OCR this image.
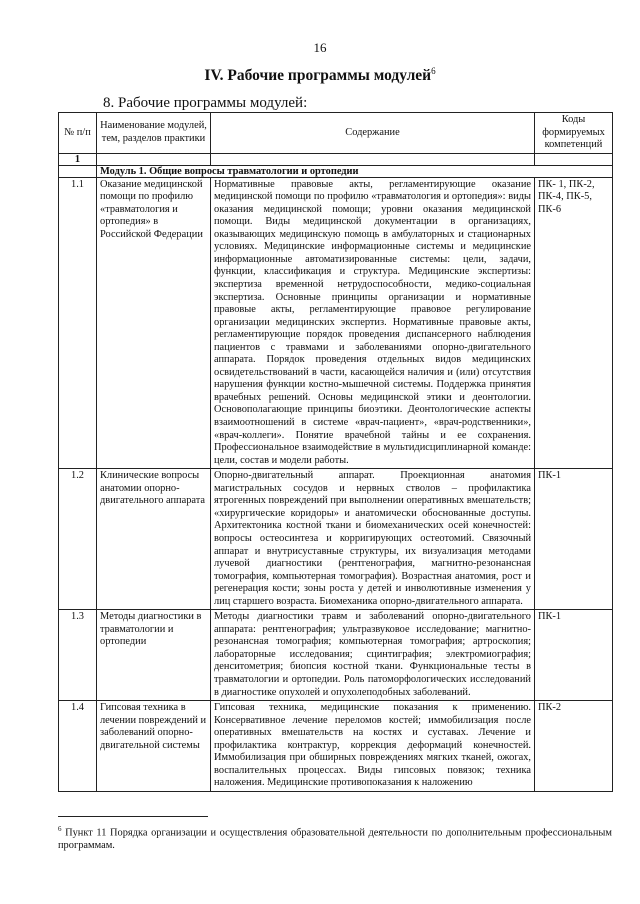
16
IV. Рабочие программы модулей$^6$
8. Рабочие программы модулей:
№ п/п	Наименование модулей, тем, разделов практики	Содержание	Коды формируемых компетенций
1			
	Модуль 1. Общие вопросы травматологии и ортопедии		
1.1	Оказание медицинской помощи по профилю «травматология и ортопедия» в Российской Федерации	Нормативные правовые акты, регламентирующие оказание медицинской помощи по профилю «травматология и ортопедия»: виды оказания медицинской помощи; уровни оказания медицинской помощи. Виды медицинской документации в организациях, оказывающих медицинскую помощь в амбулаторных и стационарных условиях. Медицинские информационные системы и медицинские информационные автоматизированные системы: цели, задачи, функции, классификация и структура. Медицинские экспертизы: экспертиза временной нетрудоспособности, медико-социальная экспертиза. Основные принципы организации и нормативные правовые акты, регламентирующие правовое регулирование организации медицинских экспертиз. Нормативные правовые акты, регламентирующие порядок проведения диспансерного наблюдения пациентов с травмами и заболеваниями опорно-двигательного аппарата. Порядок проведения отдельных видов медицинских освидетельствований в части, касающейся наличия и (или) отсутствия нарушения функции костно-мышечной системы. Поддержка принятия врачебных решений. Основы медицинской этики и деонтологии. Основополагающие принципы биоэтики. Деонтологические аспекты взаимоотношений в системе «врач-пациент», «врач-родственники», «врач-коллеги». Понятие врачебной тайны и ее сохранения. Профессиональное взаимодействие в мультидисциплинарной команде: цели, состав и модели работы.	ПК- 1, ПК-2, ПК-4, ПК-5, ПК-6
1.2	Клинические вопросы анатомии опорно-двигательного аппарата	Опорно-двигательный аппарат. Проекционная анатомия магистральных сосудов и нервных стволов – профилактика ятрогенных повреждений при выполнении оперативных вмешательств; «хирургические коридоры» и анатомически обоснованные доступы. Архитектоника костной ткани и биомеханических осей конечностей: вопросы остеосинтеза и корригирующих остеотомий. Связочный аппарат и внутрисуставные структуры, их визуализация методами лучевой диагностики (рентгенография, магнитно-резонансная томография, компьютерная томография). Возрастная анатомия, рост и регенерация кости; зоны роста у детей и инволютивные изменения у лиц старшего возраста. Биомеханика опорно-двигательного аппарата.	ПК-1
1.3	Методы диагностики в травматологии и ортопедии	Методы диагностики травм и заболеваний опорно-двигательного аппарата: рентгенография; ультразвуковое исследование; магнитно-резонансная томография; компьютерная томография; артроскопия; лабораторные исследования; сцинтиграфия; электромиография; денситометрия; биопсия костной ткани. Функциональные тесты в травматологии и ортопедии. Роль патоморфологических исследований в диагностике опухолей и опухолеподобных заболеваний.	ПК-1
1.4	Гипсовая техника в лечении повреждений и заболеваний опорно-двигательной системы	Гипсовая техника, медицинские показания к применению. Консервативное лечение переломов костей; иммобилизация после оперативных вмешательств на костях и суставах. Лечение и профилактика контрактур, коррекция деформаций конечностей. Иммобилизация при обширных повреждениях мягких тканей, ожогах, воспалительных процессах. Виды гипсовых повязок; техника наложения. Медицинские противопоказания к наложению	ПК-2
$^6$ Пункт 11 Порядка организации и осуществления образовательной деятельности по дополнительным профессиональным программам.
